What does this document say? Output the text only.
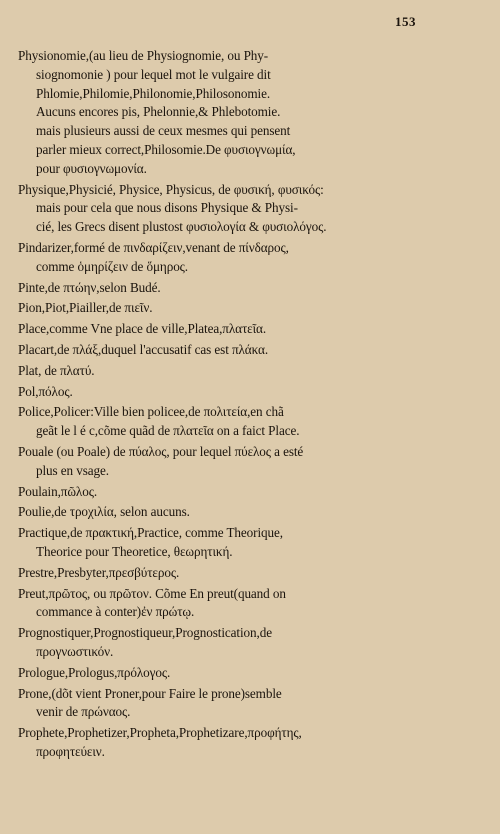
153
Physionomie,(au lieu de Physiognomie, ou Phy-
siognomonie ) pour lequel mot le vulgaire dit
Phlomie,Philomie,Philonomie,Philosonomie.
Aucuns encores pis, Phelonnie,& Phlebotomie.
mais plusieurs aussi de ceux mesmes qui pensent
parler mieux correct,Philosomie.De φυσιογνωμία,
pour φυσιογνωμονία.
Physique,Physicié, Physice, Physicus, de φυσική, φυσικός:
mais pour cela que nous disons Physique & Physi-
cié, les Grecs disent plustost φυσιολογία & φυσιολόγος.
Pindarizer,formé de πινδαρίζειν,venant de πίνδαρος,
comme ὁμηρίζειν de ὅμηρος.
Pinte,de πτώην,selon Budé.
Pion,Piot,Piailler,de πιεῖν.
Place,comme Vne place de ville,Platea,πλατεῖα.
Placart,de πλάξ,duquel l'accusatif cas est πλάκα.
Plat, de πλατύ.
Pol,πόλος.
Police,Policer:Ville bien policee,de πολιτεία,en chã
geãt le l é c,cõme quãd de πλατεῖα on a faict Place.
Pouale (ou Poale) de πύαλος, pour lequel πύελος a esté
plus en vsage.
Poulain,πῶλος.
Poulie,de τροχιλία, selon aucuns.
Practique,de πρακτική,Practice, comme Theorique,
Theorice pour Theoretice, θεωρητική.
Prestre,Presbyter,πρεσβύτερος.
Preut,πρῶτος, ou πρῶτον. Cõme En preut(quand on
commance à conter)ἐν πρώτῳ.
Prognostiquer,Prognostiqueur,Prognostication,de
προγνωστικόν.
Prologue,Prologus,πρόλογος.
Prone,(dõt vient Proner,pour Faire le prone)semble
venir de πρώναος.
Prophete,Prophetizer,Propheta,Prophetizare,προφήτης,
προφητεύειν.
